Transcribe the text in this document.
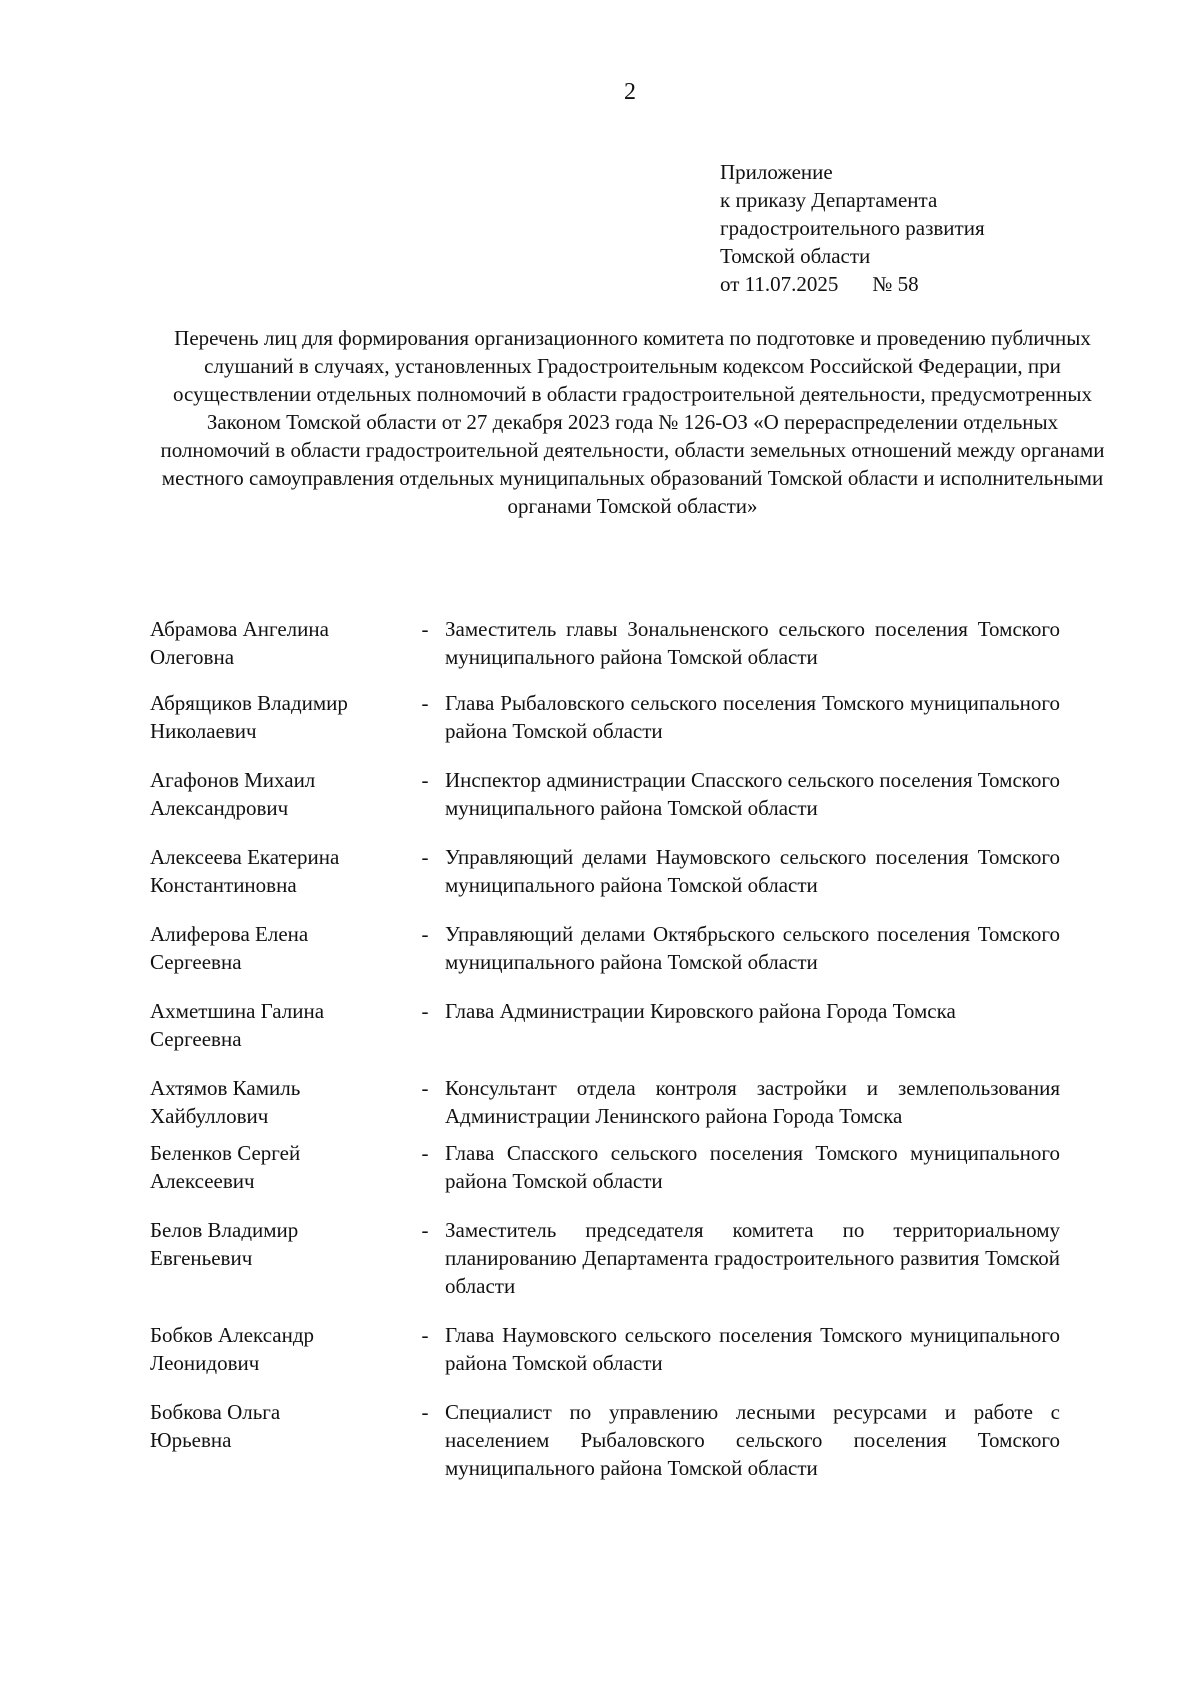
2
Приложение
к приказу Департамента
градостроительного развития
Томской области
от 11.07.2025 № 58
Перечень лиц для формирования организационного комитета по подготовке и проведению публичных слушаний в случаях, установленных Градостроительным кодексом Российской Федерации, при осуществлении отдельных полномочий в области градостроительной деятельности, предусмотренных Законом Томской области от 27 декабря 2023 года № 126-ОЗ «О перераспределении отдельных полномочий в области градостроительной деятельности, области земельных отношений между органами местного самоуправления отдельных муниципальных образований Томской области и исполнительными органами Томской области»
Абрамова Ангелина
Олеговна
- Заместитель главы Зональненского сельского поселения Томского муниципального района Томской области
Абрящиков Владимир
Николаевич
- Глава Рыбаловского сельского поселения Томского муниципального района Томской области
Агафонов Михаил
Александрович
- Инспектор администрации Спасского сельского поселения Томского муниципального района Томской области
Алексеева Екатерина
Константиновна
- Управляющий делами Наумовского сельского поселения Томского муниципального района Томской области
Алиферова Елена
Сергеевна
- Управляющий делами Октябрьского сельского поселения Томского муниципального района Томской области
Ахметшина Галина
Сергеевна
- Глава Администрации Кировского района Города Томска
Ахтямов Камиль
Хайбуллович
- Консультант отдела контроля застройки и землепользования Администрации Ленинского района Города Томска
Беленков Сергей
Алексеевич
- Глава Спасского сельского поселения Томского муниципального района Томской области
Белов Владимир
Евгеньевич
- Заместитель председателя комитета по территориальному планированию Департамента градостроительного развития Томской области
Бобков Александр
Леонидович
- Глава Наумовского сельского поселения Томского муниципального района Томской области
Бобкова Ольга
Юрьевна
- Специалист по управлению лесными ресурсами и работе с населением Рыбаловского сельского поселения Томского муниципального района Томской области
